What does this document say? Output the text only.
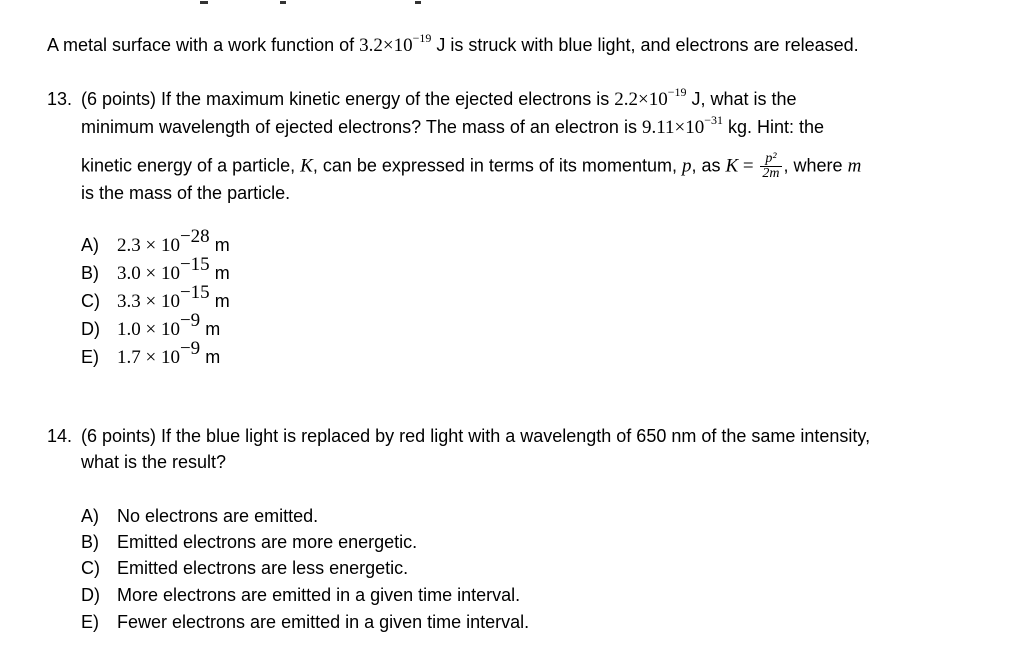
A metal surface with a work function of $3.2\times 10^{-19}$ J is struck with blue light, and electrons are released.
13. (6 points) If the maximum kinetic energy of the ejected electrons is $2.2\times 10^{-19}$ J, what is the
minimum wavelength of ejected electrons? The mass of an electron is $9.11\times 10^{-31}$ kg. Hint: the
kinetic energy of a particle, K, can be expressed in terms of its momentum, p, as $K = \frac{\text{p²}}{2m}$ , where m
is the mass of the particle.
A) $2.3 \times 10^{-28}$ m
B) $3.0 \times 10^{-15}$ m
C) $3.3 \times 10^{-15}$ m
D) $1.0 \times 10^{-9}$ m
E) $1.7 \times 10^{-9}$ m
14. (6 points) If the blue light is replaced by red light with a wavelength of 650 nm of the same intensity,
what is the result?
A) No electrons are emitted.
B) Emitted electrons are more energetic.
C) Emitted electrons are less energetic.
D) More electrons are emitted in a given time interval.
E) Fewer electrons are emitted in a given time interval.
